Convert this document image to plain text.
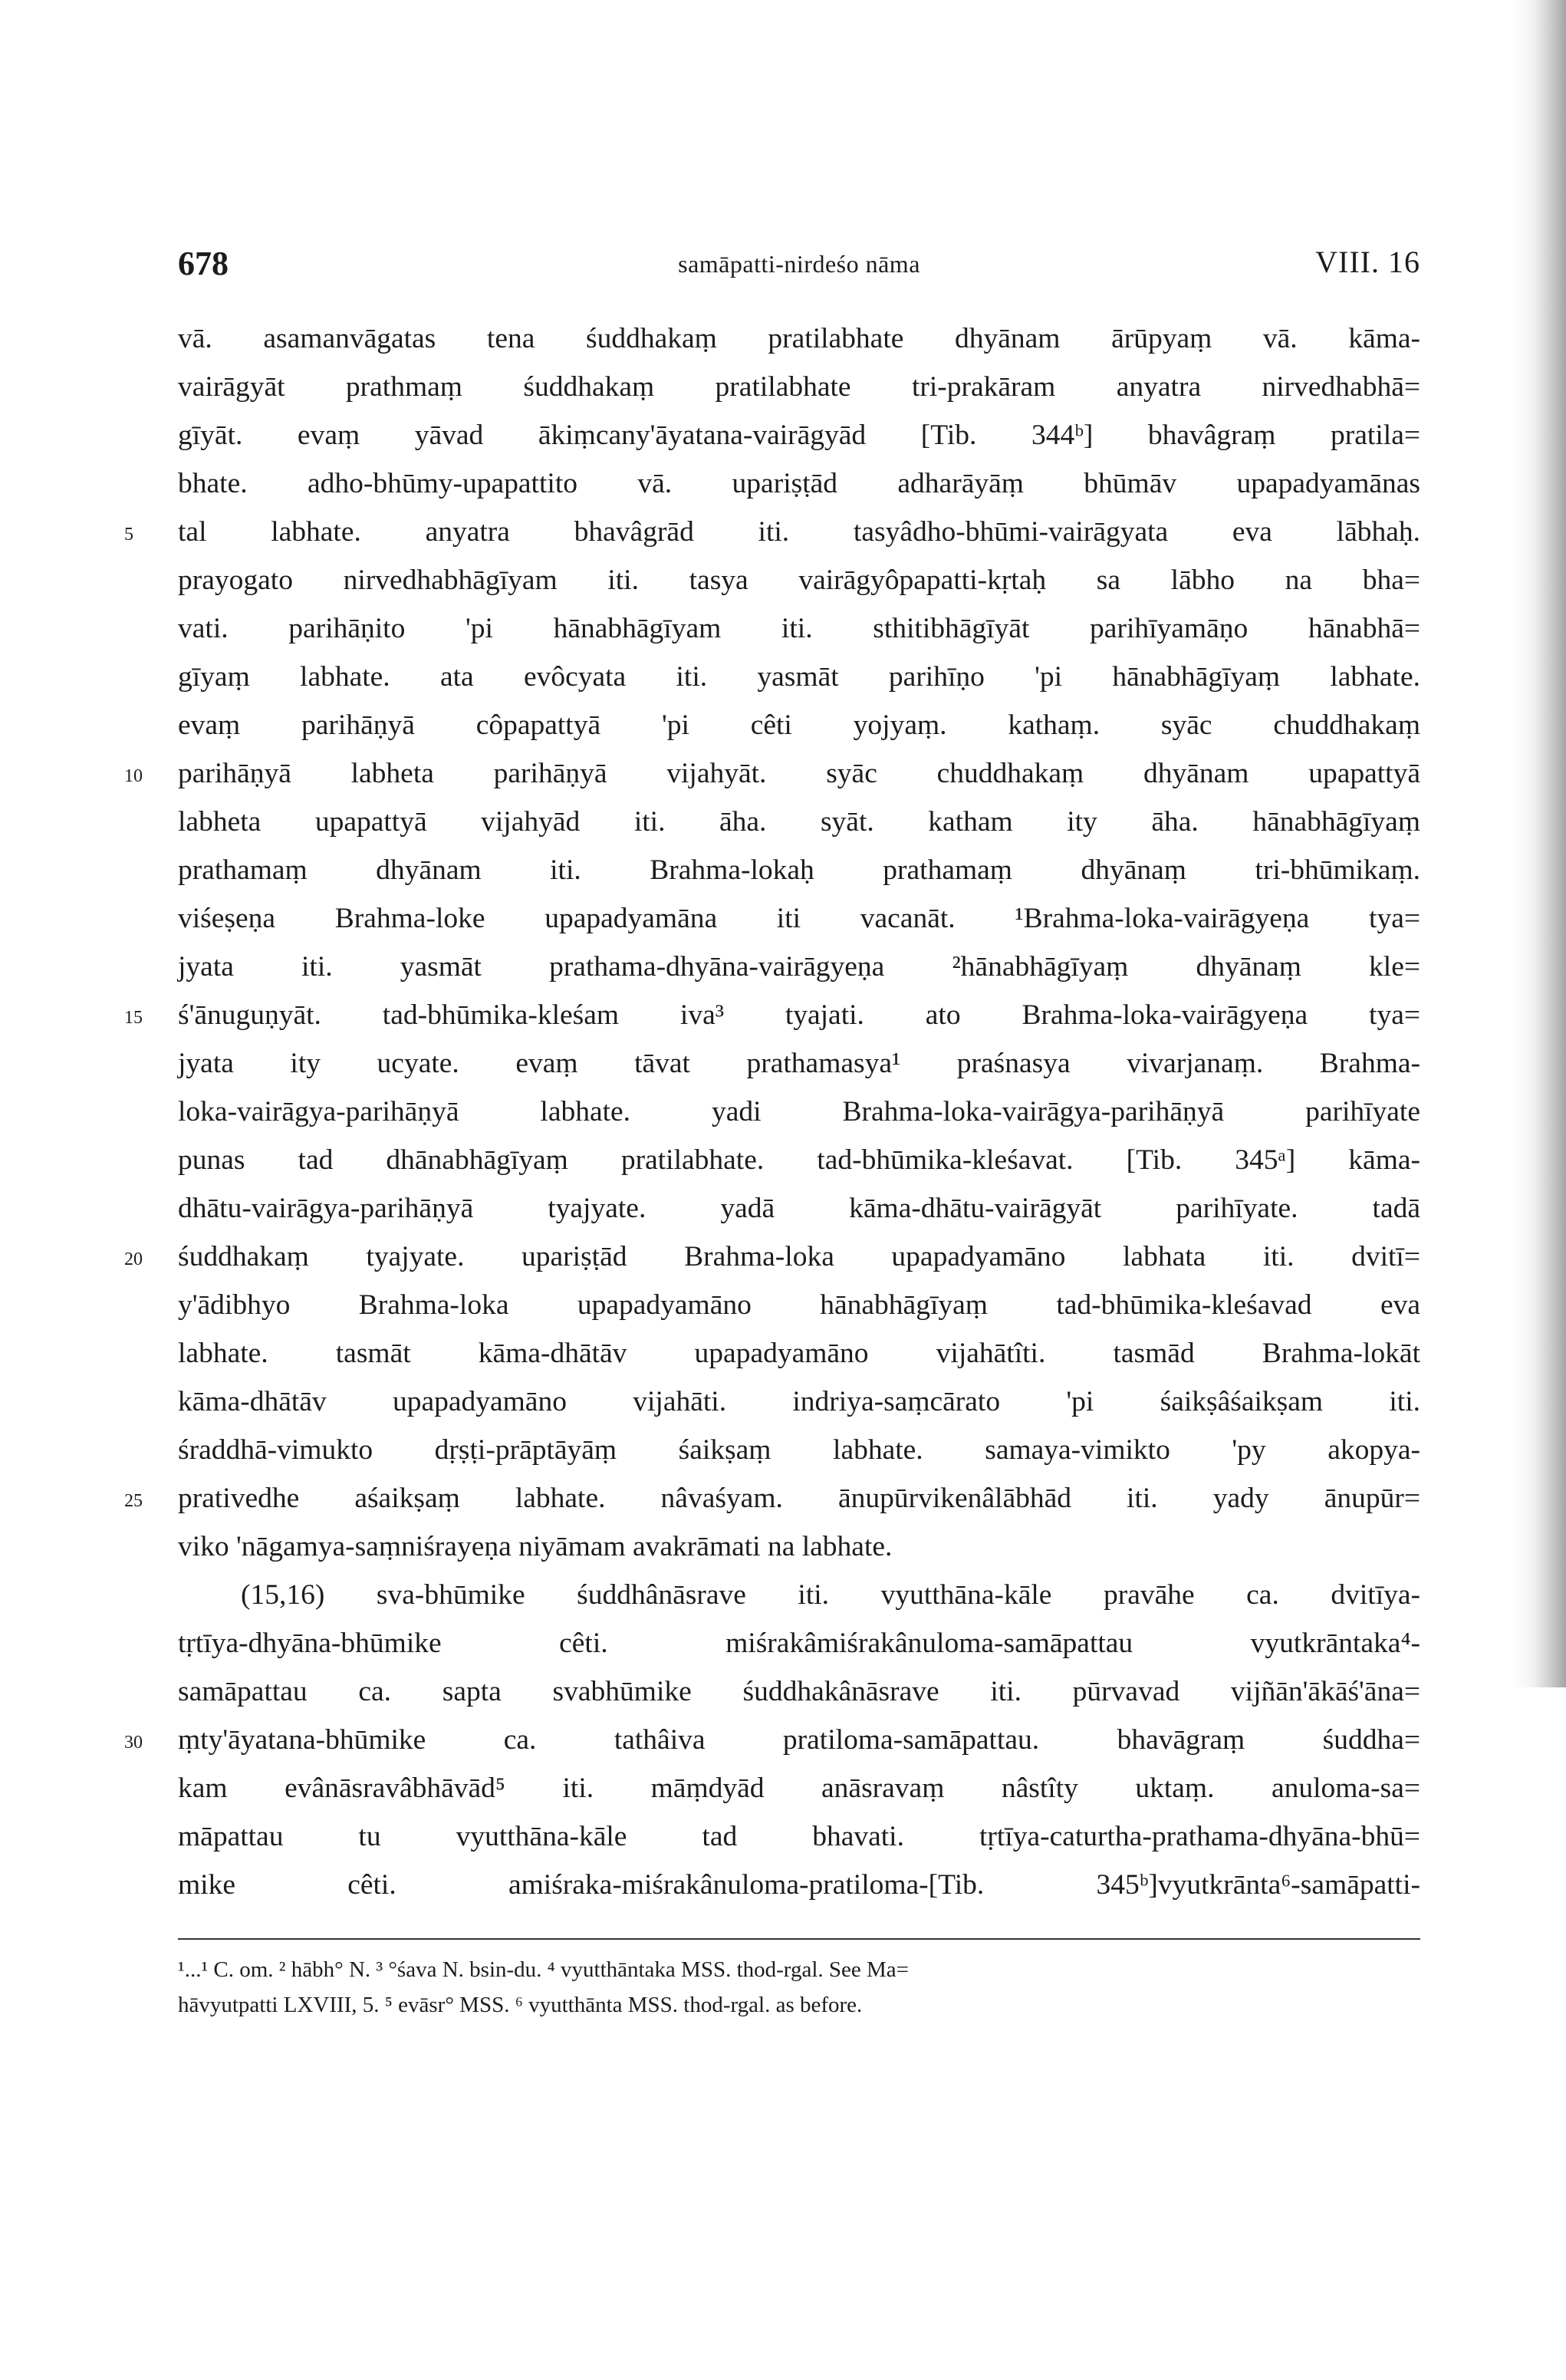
678	samāpatti-nirdeśo nāma	VIII. 16
vā. asamanvāgatas tena śuddhakaṃ pratilabhate dhyānam ārūpyaṃ vā. kāma-
vairāgyāt prathmaṃ śuddhakaṃ pratilabhate tri-prakāram anyatra nirvedhabhā=
gīyāt. evaṃ yāvad ākiṃcany'āyatana-vairāgyād [Tib. 344ᵇ] bhavâgraṃ pratila=
bhate. adho-bhūmy-upapattito vā. upariṣṭād adharāyāṃ bhūmāv upapadyamānas
5	tal labhate. anyatra bhavâgrād iti. tasyâdho-bhūmi-vairāgyata eva lābhaḥ.
prayogato nirvedhabhāgīyam iti. tasya vairāgyôpapatti-kṛtaḥ sa lābho na bha=
vati. parihāṇito 'pi hānabhāgīyam iti. sthitibhāgīyāt parihīyamāṇo hānabhā=
gīyaṃ labhate. ata evôcyata iti. yasmāt parihīṇo 'pi hānabhāgīyaṃ labhate.
evaṃ parihāṇyā côpapattyā 'pi cêti yojyaṃ. kathaṃ. syāc chuddhakaṃ
10	parihāṇyā labheta parihāṇyā vijahyāt. syāc chuddhakaṃ dhyānam upapattyā
labheta upapattyā vijahyād iti. āha. syāt. katham ity āha. hānabhāgīyaṃ
prathamaṃ dhyānam iti. Brahma-lokaḥ prathamaṃ dhyānaṃ tri-bhūmikaṃ.
viśeṣeṇa Brahma-loke upapadyamāna iti vacanāt. ¹Brahma-loka-vairāgyeṇa tya=
jyata iti. yasmāt prathama-dhyāna-vairāgyeṇa ²hānabhāgīyaṃ dhyānaṃ kle=
15	ś'ānuguṇyāt. tad-bhūmika-kleśam iva³ tyajati. ato Brahma-loka-vairāgyeṇa tya=
jyata ity ucyate. evaṃ tāvat prathamasya¹ praśnasya vivarjanaṃ. Brahma-
loka-vairāgya-parihāṇyā labhate. yadi Brahma-loka-vairāgya-parihāṇyā parihīyate
punas tad dhānabhāgīyaṃ pratilabhate. tad-bhūmika-kleśavat. [Tib. 345ᵃ] kāma-
dhātu-vairāgya-parihāṇyā tyajyate. yadā kāma-dhātu-vairāgyāt parihīyate. tadā
20	śuddhakaṃ tyajyate. upariṣṭād Brahma-loka upapadyamāno labhata iti. dvitī=
y'ādibhyo Brahma-loka upapadyamāno hānabhāgīyaṃ tad-bhūmika-kleśavad eva
labhate. tasmāt kāma-dhātāv upapadyamāno vijahātîti. tasmād Brahma-lokāt
kāma-dhātāv upapadyamāno vijahāti. indriya-saṃcārato 'pi śaikṣâśaikṣam iti.
śraddhā-vimukto dṛṣṭi-prāptāyāṃ śaikṣaṃ labhate. samaya-vimikto 'py akopya-
25	prativedhe aśaikṣaṃ labhate. nâvaśyam. ānupūrvikenâlābhād iti. yady ānupūr=
viko 'nāgamya-saṃniśrayeṇa niyāmam avakrāmati na labhate.
(15,16) sva-bhūmike śuddhânāsrave iti. vyutthāna-kāle pravāhe ca. dvitīya-
tṛtīya-dhyāna-bhūmike cêti. miśrakâmiśrakânuloma-samāpattau vyutkrāntaka⁴-
samāpattau ca. sapta svabhūmike śuddhakânāsrave iti. pūrvavad vijñān'ākāś'āna=
30	ṃty'āyatana-bhūmike ca. tathâiva pratiloma-samāpattau. bhavāgraṃ śuddha=
kam evânāsravâbhāvād⁵ iti. māṃdyād anāsravaṃ nâstîty uktaṃ. anuloma-sa=
māpattau tu vyutthāna-kāle tad bhavati. tṛtīya-caturtha-prathama-dhyāna-bhū=
mike cêti. amiśraka-miśrakânuloma-pratiloma-[Tib. 345ᵇ]vyutkrānta⁶-samāpatti-
¹...¹ C. om. ² hābh° N. ³ °śava N. bsin-du. ⁴ vyutthāntaka MSS. thod-rgal. See Ma=
hāvyutpatti LXVIII, 5. ⁵ evāsr° MSS. ⁶ vyutthānta MSS. thod-rgal. as before.
